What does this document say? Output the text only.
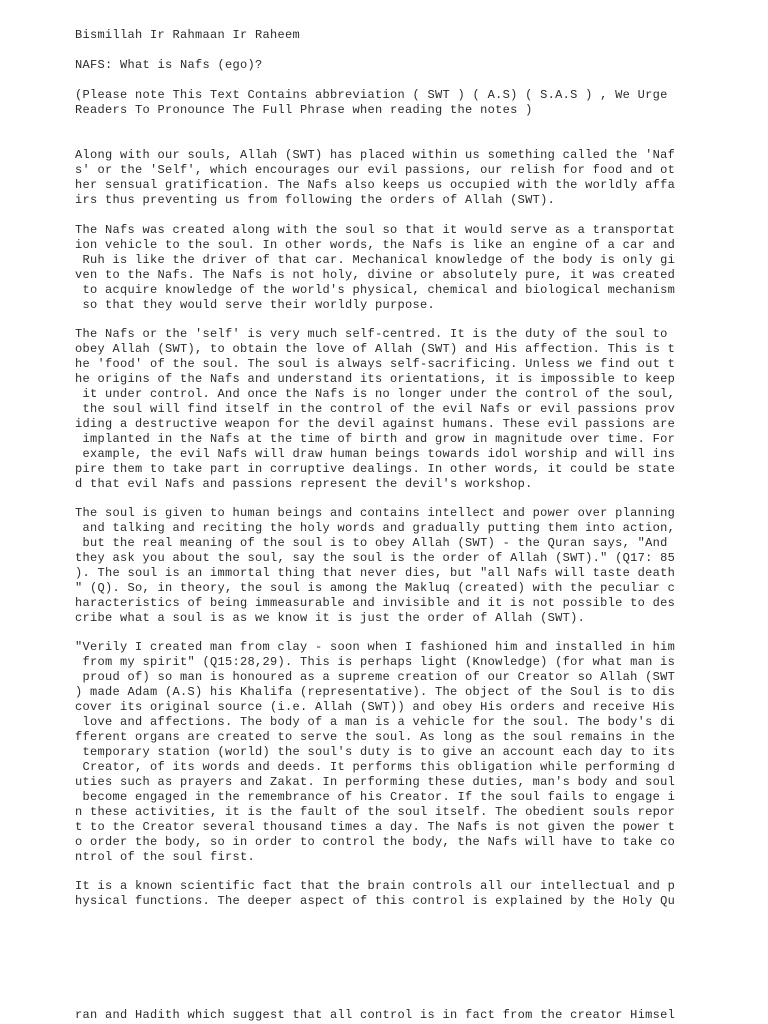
Bismillah Ir Rahmaan Ir Raheem
NAFS: What is Nafs (ego)?
(Please note This Text Contains abbreviation ( SWT ) ( A.S) ( S.A.S ) , We Urge
Readers To Pronounce The Full Phrase when reading the notes )
Along with our souls, Allah (SWT) has placed within us something called the 'Naf
s' or the 'Self', which encourages our evil passions, our relish for food and ot
her sensual gratification. The Nafs also keeps us occupied with the worldly affa
irs thus preventing us from following the orders of Allah (SWT).
The Nafs was created along with the soul so that it would serve as a transportat
ion vehicle to the soul. In other words, the Nafs is like an engine of a car and
Ruh is like the driver of that car. Mechanical knowledge of the body is only gi
ven to the Nafs. The Nafs is not holy, divine or absolutely pure, it was created
to acquire knowledge of the world's physical, chemical and biological mechanism
so that they would serve their worldly purpose.
The Nafs or the 'self' is very much self-centred. It is the duty of the soul to
obey Allah (SWT), to obtain the love of Allah (SWT) and His affection. This is t
he 'food' of the soul. The soul is always self-sacrificing. Unless we find out t
he origins of the Nafs and understand its orientations, it is impossible to keep
it under control. And once the Nafs is no longer under the control of the soul,
the soul will find itself in the control of the evil Nafs or evil passions prov
iding a destructive weapon for the devil against humans. These evil passions are
implanted in the Nafs at the time of birth and grow in magnitude over time. For
example, the evil Nafs will draw human beings towards idol worship and will ins
pire them to take part in corruptive dealings. In other words, it could be state
d that evil Nafs and passions represent the devil's workshop.
The soul is given to human beings and contains intellect and power over planning
and talking and reciting the holy words and gradually putting them into action,
but the real meaning of the soul is to obey Allah (SWT) - the Quran says, "And
they ask you about the soul, say the soul is the order of Allah (SWT)." (Q17: 85
). The soul is an immortal thing that never dies, but "all Nafs will taste death
" (Q). So, in theory, the soul is among the Makluq (created) with the peculiar c
haracteristics of being immeasurable and invisible and it is not possible to des
cribe what a soul is as we know it is just the order of Allah (SWT).
"Verily I created man from clay - soon when I fashioned him and installed in him
from my spirit" (Q15:28,29). This is perhaps light (Knowledge) (for what man is
proud of) so man is honoured as a supreme creation of our Creator so Allah (SWT
) made Adam (A.S) his Khalifa (representative). The object of the Soul is to dis
cover its original source (i.e. Allah (SWT)) and obey His orders and receive His
love and affections. The body of a man is a vehicle for the soul. The body's di
fferent organs are created to serve the soul. As long as the soul remains in the
temporary station (world) the soul's duty is to give an account each day to its
Creator, of its words and deeds. It performs this obligation while performing d
uties such as prayers and Zakat. In performing these duties, man's body and soul
become engaged in the remembrance of his Creator. If the soul fails to engage i
n these activities, it is the fault of the soul itself. The obedient souls repor
t to the Creator several thousand times a day. The Nafs is not given the power t
o order the body, so in order to control the body, the Nafs will have to take co
ntrol of the soul first.
It is a known scientific fact that the brain controls all our intellectual and p
hysical functions. The deeper aspect of this control is explained by the Holy Qu
ran and Hadith which suggest that all control is in fact from the creator Himsel
